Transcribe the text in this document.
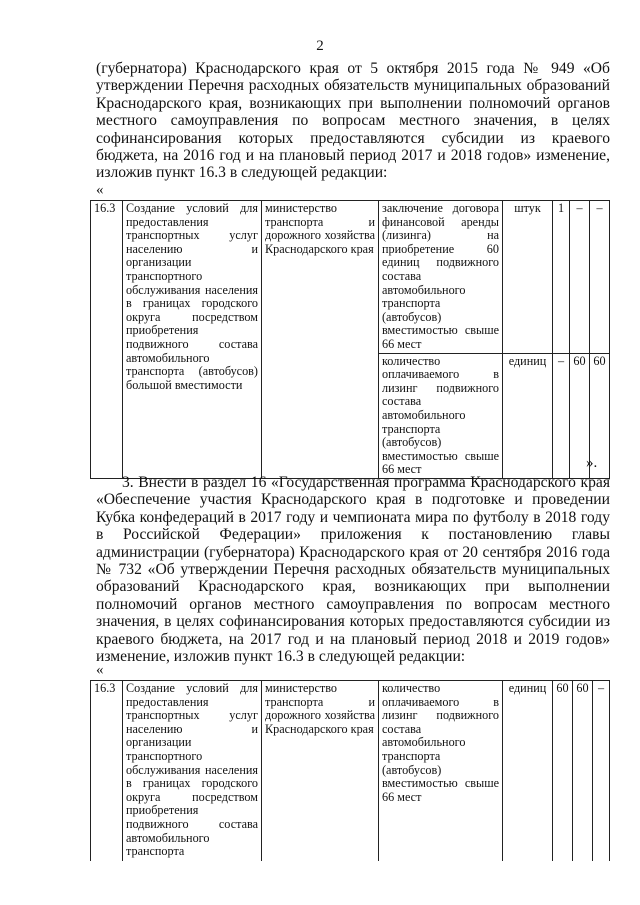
2

(губернатора) Краснодарского края от 5 октября 2015 года № 949 «Об утверждении Перечня расходных обязательств муниципальных образований Краснодарского края, возникающих при выполнении полномочий органов местного самоуправления по вопросам местного значения, в целях софинансирования которых предоставляются субсидии из краевого бюджета, на 2016 год и на плановый период 2017 и 2018 годов» изменение, изложив пункт 16.3 в следующей редакции:

«
16.3	Создание условий для предоставления транспортных услуг населению и организации транспортного обслуживания населения в границах городского округа посредством приобретения подвижного состава автомобильного транспорта (автобусов) большой вместимости	министерство транспорта и дорожного хозяйства Краснодарского края	заключение договора финансовой аренды (лизинга) на приобретение 60 единиц подвижного состава автомобильного транспорта (автобусов) вместимостью свыше 66 мест	штук	1	–	–
			количество оплачиваемого в лизинг подвижного состава автомобильного транспорта (автобусов) вместимостью свыше 66 мест	единиц	–	60	60
».

3. Внести в раздел 16 «Государственная программа Краснодарского края «Обеспечение участия Краснодарского края в подготовке и проведении Кубка конфедераций в 2017 году и чемпионата мира по футболу в 2018 году в Российской Федерации» приложения к постановлению главы администрации (губернатора) Краснодарского края от 20 сентября 2016 года № 732 «Об утверждении Перечня расходных обязательств муниципальных образований Краснодарского края, возникающих при выполнении полномочий органов местного самоуправления по вопросам местного значения, в целях софинансирования которых предоставляются субсидии из краевого бюджета, на 2017 год и на плановый период 2018 и 2019 годов» изменение, изложив пункт 16.3 в следующей редакции:

«
16.3	Создание условий для предоставления транспортных услуг населению и организации транспортного обслуживания населения в границах городского округа посредством приобретения подвижного состава автомобильного транспорта	министерство транспорта и дорожного хозяйства Краснодарского края	количество оплачиваемого в лизинг подвижного состава автомобильного транспорта (автобусов) вместимостью свыше 66 мест	единиц	60	60	–
